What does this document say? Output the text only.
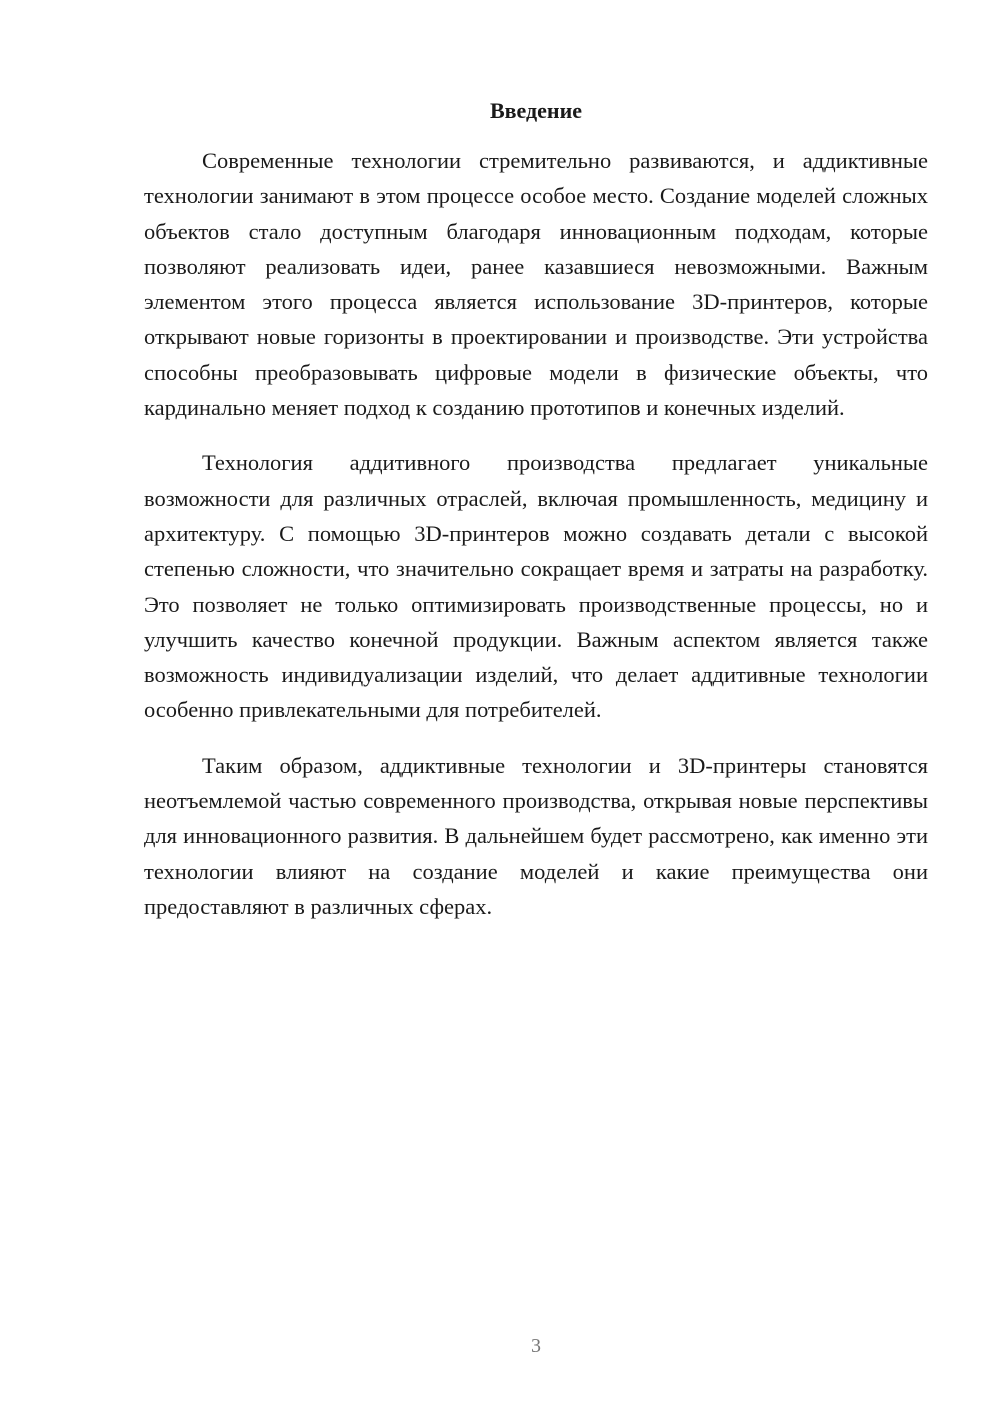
Введение

Современные технологии стремительно развиваются, и аддиктивные технологии занимают в этом процессе особое место. Создание моделей сложных объектов стало доступным благодаря инновационным подходам, которые позволяют реализовать идеи, ранее казавшиеся невозможными. Важным элементом этого процесса является использование 3D-принтеров, которые открывают новые горизонты в проектировании и производстве. Эти устройства способны преобразовывать цифровые модели в физические объекты, что кардинально меняет подход к созданию прототипов и конечных изделий.

Технология аддитивного производства предлагает уникальные возможности для различных отраслей, включая промышленность, медицину и архитектуру. С помощью 3D-принтеров можно создавать детали с высокой степенью сложности, что значительно сокращает время и затраты на разработку. Это позволяет не только оптимизировать производственные процессы, но и улучшить качество конечной продукции. Важным аспектом является также возможность индивидуализации изделий, что делает аддитивные технологии особенно привлекательными для потребителей.

Таким образом, аддиктивные технологии и 3D-принтеры становятся неотъемлемой частью современного производства, открывая новые перспективы для инновационного развития. В дальнейшем будет рассмотрено, как именно эти технологии влияют на создание моделей и какие преимущества они предоставляют в различных сферах.

3
